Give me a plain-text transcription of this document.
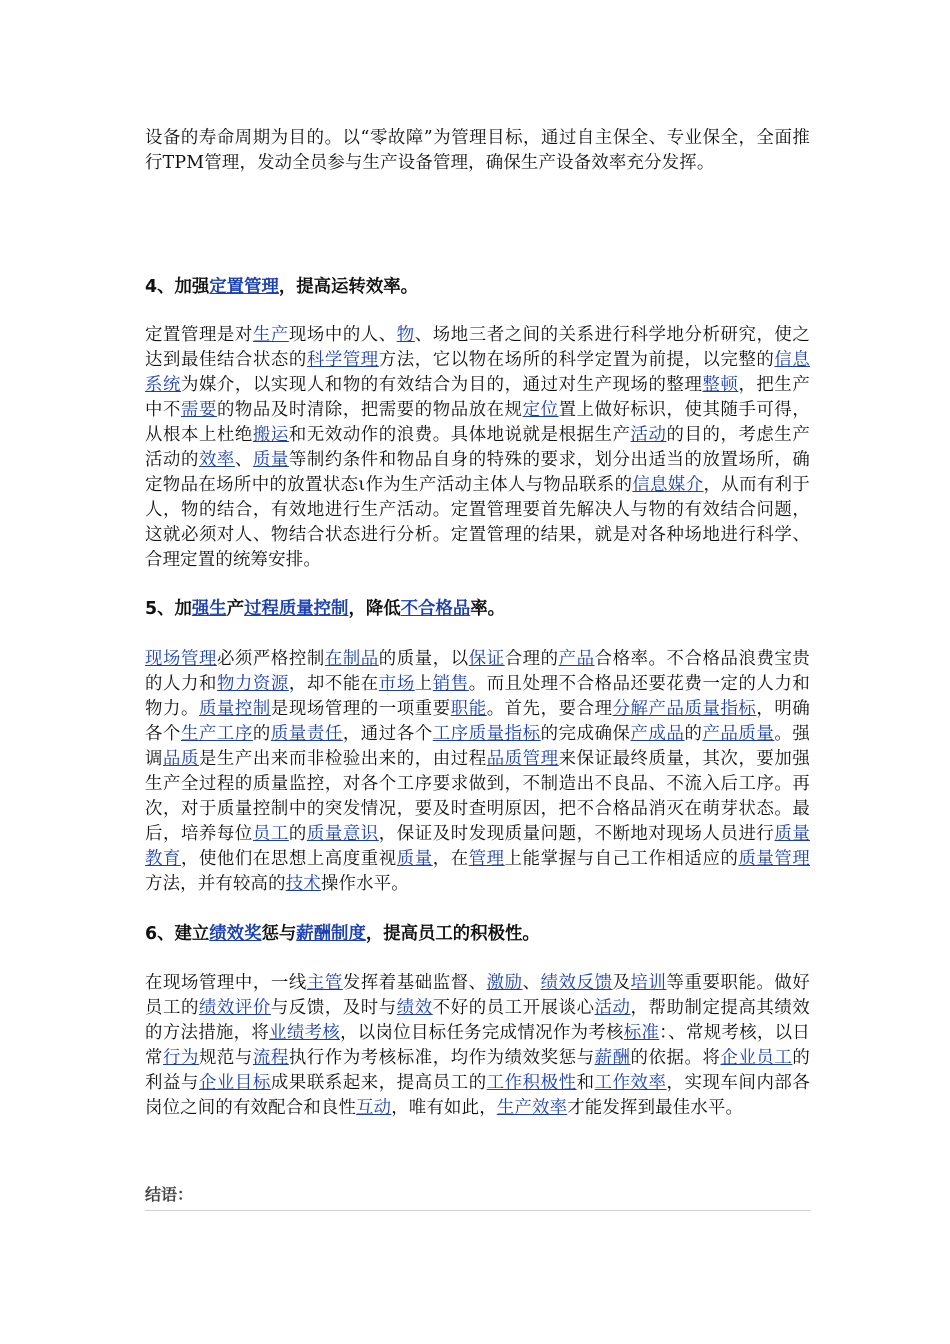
设备的寿命周期为目的。以“零故障”为管理目标，通过自主保全、专业保全，全面推行TPM管理，发动全员参与生产设备管理，确保生产设备效率充分发挥。

4、加强定置管理，提高运转效率。

定置管理是对生产现场中的人、物、场地三者之间的关系进行科学地分析研究，使之达到最佳结合状态的科学管理方法，它以物在场所的科学定置为前提，以完整的信息系统为媒介，以实现人和物的有效结合为目的，通过对生产现场的整理整顿，把生产中不需要的物品及时清除，把需要的物品放在规定位置上做好标识，使其随手可得，从根本上杜绝搬运和无效动作的浪费。具体地说就是根据生产活动的目的，考虑生产活动的效率、质量等制约条件和物品自身的特殊的要求，划分出适当的放置场所，确定物品在场所中的放置状态ι作为生产活动主体人与物品联系的信息媒介，从而有利于人，物的结合，有效地进行生产活动。定置管理要首先解决人与物的有效结合问题，这就必须对人、物结合状态进行分析。定置管理的结果，就是对各种场地进行科学、合理定置的统筹安排。

5、加强生产过程质量控制，降低不合格品率。

现场管理必须严格控制在制品的质量，以保证合理的产品合格率。不合格品浪费宝贵的人力和物力资源，却不能在市场上销售。而且处理不合格品还要花费一定的人力和物力。质量控制是现场管理的一项重要职能。首先，要合理分解产品质量指标，明确各个生产工序的质量责任，通过各个工序质量指标的完成确保产成品的产品质量。强调品质是生产出来而非检验出来的，由过程品质管理来保证最终质量，其次，要加强生产全过程的质量监控，对各个工序要求做到，不制造出不良品、不流入后工序。再次，对于质量控制中的突发情况，要及时查明原因，把不合格品消灭在萌芽状态。最后，培养每位员工的质量意识，保证及时发现质量问题，不断地对现场人员进行质量教育，使他们在思想上高度重视质量，在管理上能掌握与自己工作相适应的质量管理方法，并有较高的技术操作水平。

6、建立绩效奖惩与薪酬制度，提高员工的积极性。

在现场管理中，一线主管发挥着基础监督、激励、绩效反馈及培训等重要职能。做好员工的绩效评价与反馈，及时与绩效不好的员工开展谈心活动，帮助制定提高其绩效的方法措施，将业绩考核，以岗位目标任务完成情况作为考核标准：、常规考核，以日常行为规范与流程执行作为考核标准，均作为绩效奖惩与薪酬的依据。将企业员工的利益与企业目标成果联系起来，提高员工的工作积极性和工作效率，实现车间内部各岗位之间的有效配合和良性互动，唯有如此，生产效率才能发挥到最佳水平。

结语：
